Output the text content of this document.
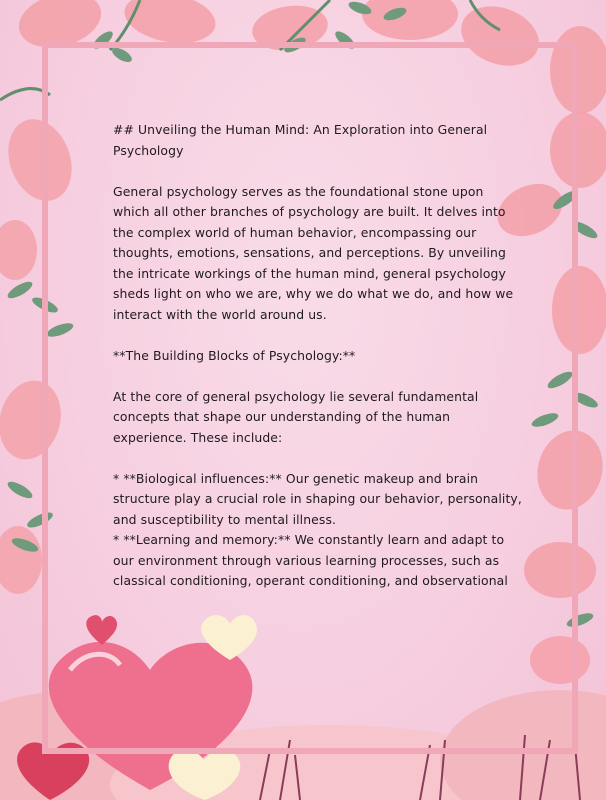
## Unveiling the Human Mind: An Exploration into General Psychology

General psychology serves as the foundational stone upon which all other branches of psychology are built. It delves into the complex world of human behavior, encompassing our thoughts, emotions, sensations, and perceptions. By unveiling the intricate workings of the human mind, general psychology sheds light on who we are, why we do what we do, and how we interact with the world around us.

**The Building Blocks of Psychology:**

At the core of general psychology lie several fundamental concepts that shape our understanding of the human experience. These include:

* **Biological influences:** Our genetic makeup and brain structure play a crucial role in shaping our behavior, personality, and susceptibility to mental illness.

* **Learning and memory:** We constantly learn and adapt to our environment through various learning processes, such as classical conditioning, operant conditioning, and observational
